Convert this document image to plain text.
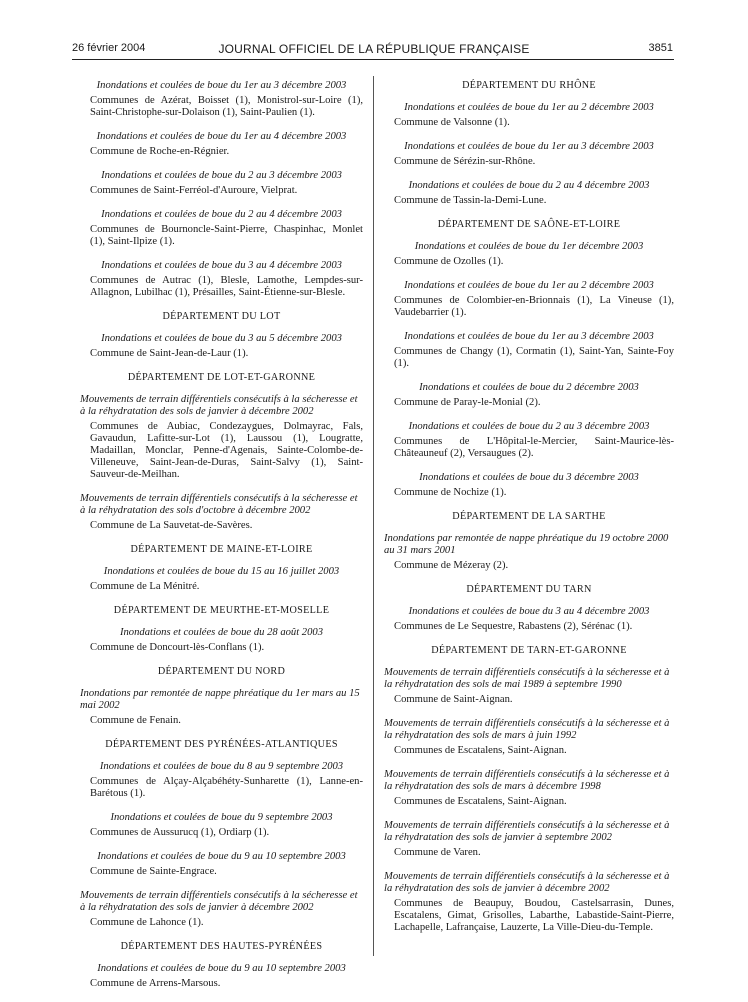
26 février 2004	JOURNAL OFFICIEL DE LA RÉPUBLIQUE FRANÇAISE	3851

Inondations et coulées de boue du 1er au 3 décembre 2003

Communes de Azérat, Boisset (1), Monistrol-sur-Loire (1), Saint-Christophe-sur-Dolaison (1), Saint-Paulien (1).

Inondations et coulées de boue du 1er au 4 décembre 2003

Commune de Roche-en-Régnier.

Inondations et coulées de boue du 2 au 3 décembre 2003

Communes de Saint-Ferréol-d'Auroure, Vielprat.

Inondations et coulées de boue du 2 au 4 décembre 2003

Communes de Bournoncle-Saint-Pierre, Chaspinhac, Monlet (1), Saint-Ilpize (1).

Inondations et coulées de boue du 3 au 4 décembre 2003

Communes de Autrac (1), Blesle, Lamothe, Lempdes-sur-Allagnon, Lubilhac (1), Présailles, Saint-Étienne-sur-Blesle.

DÉPARTEMENT DU LOT

Inondations et coulées de boue du 3 au 5 décembre 2003

Commune de Saint-Jean-de-Laur (1).

DÉPARTEMENT DE LOT-ET-GARONNE

Mouvements de terrain différentiels consécutifs à la sécheresse et à la réhydratation des sols de janvier à décembre 2002

Communes de Aubiac, Condezaygues, Dolmayrac, Fals, Gavaudun, Lafitte-sur-Lot (1), Laussou (1), Lougratte, Madaillan, Monclar, Penne-d'Agenais, Sainte-Colombe-de-Villeneuve, Saint-Jean-de-Duras, Saint-Salvy (1), Saint-Sauveur-de-Meilhan.

Mouvements de terrain différentiels consécutifs à la sécheresse et à la réhydratation des sols d'octobre à décembre 2002

Commune de La Sauvetat-de-Savères.

DÉPARTEMENT DE MAINE-ET-LOIRE

Inondations et coulées de boue du 15 au 16 juillet 2003

Commune de La Ménitré.

DÉPARTEMENT DE MEURTHE-ET-MOSELLE

Inondations et coulées de boue du 28 août 2003

Commune de Doncourt-lès-Conflans (1).

DÉPARTEMENT DU NORD

Inondations par remontée de nappe phréatique du 1er mars au 15 mai 2002

Commune de Fenain.

DÉPARTEMENT DES PYRÉNÉES-ATLANTIQUES

Inondations et coulées de boue du 8 au 9 septembre 2003

Communes de Alçay-Alçabéhéty-Sunharette (1), Lanne-en-Barétous (1).

Inondations et coulées de boue du 9 septembre 2003

Communes de Aussurucq (1), Ordiarp (1).

Inondations et coulées de boue du 9 au 10 septembre 2003

Commune de Sainte-Engrace.

Mouvements de terrain différentiels consécutifs à la sécheresse et à la réhydratation des sols de janvier à décembre 2002

Commune de Lahonce (1).

DÉPARTEMENT DES HAUTES-PYRÉNÉES

Inondations et coulées de boue du 9 au 10 septembre 2003

Commune de Arrens-Marsous.

DÉPARTEMENT DU RHÔNE

Inondations et coulées de boue du 1er au 2 décembre 2003

Commune de Valsonne (1).

Inondations et coulées de boue du 1er au 3 décembre 2003

Commune de Sérézin-sur-Rhône.

Inondations et coulées de boue du 2 au 4 décembre 2003

Commune de Tassin-la-Demi-Lune.

DÉPARTEMENT DE SAÔNE-ET-LOIRE

Inondations et coulées de boue du 1er décembre 2003

Commune de Ozolles (1).

Inondations et coulées de boue du 1er au 2 décembre 2003

Communes de Colombier-en-Brionnais (1), La Vineuse (1), Vaudebarrier (1).

Inondations et coulées de boue du 1er au 3 décembre 2003

Communes de Changy (1), Cormatin (1), Saint-Yan, Sainte-Foy (1).

Inondations et coulées de boue du 2 décembre 2003

Commune de Paray-le-Monial (2).

Inondations et coulées de boue du 2 au 3 décembre 2003

Communes de L'Hôpital-le-Mercier, Saint-Maurice-lès-Châteauneuf (2), Versaugues (2).

Inondations et coulées de boue du 3 décembre 2003

Commune de Nochize (1).

DÉPARTEMENT DE LA SARTHE

Inondations par remontée de nappe phréatique du 19 octobre 2000 au 31 mars 2001

Commune de Mézeray (2).

DÉPARTEMENT DU TARN

Inondations et coulées de boue du 3 au 4 décembre 2003

Communes de Le Sequestre, Rabastens (2), Sérénac (1).

DÉPARTEMENT DE TARN-ET-GARONNE

Mouvements de terrain différentiels consécutifs à la sécheresse et à la réhydratation des sols de mai 1989 à septembre 1990

Commune de Saint-Aignan.

Mouvements de terrain différentiels consécutifs à la sécheresse et à la réhydratation des sols de mars à juin 1992

Communes de Escatalens, Saint-Aignan.

Mouvements de terrain différentiels consécutifs à la sécheresse et à la réhydratation des sols de mars à décembre 1998

Communes de Escatalens, Saint-Aignan.

Mouvements de terrain différentiels consécutifs à la sécheresse et à la réhydratation des sols de janvier à septembre 2002

Commune de Varen.

Mouvements de terrain différentiels consécutifs à la sécheresse et à la réhydratation des sols de janvier à décembre 2002

Communes de Beaupuy, Boudou, Castelsarrasin, Dunes, Escatalens, Gimat, Grisolles, Labarthe, Labastide-Saint-Pierre, Lachapelle, Lafrançaise, Lauzerte, La Ville-Dieu-du-Temple.
